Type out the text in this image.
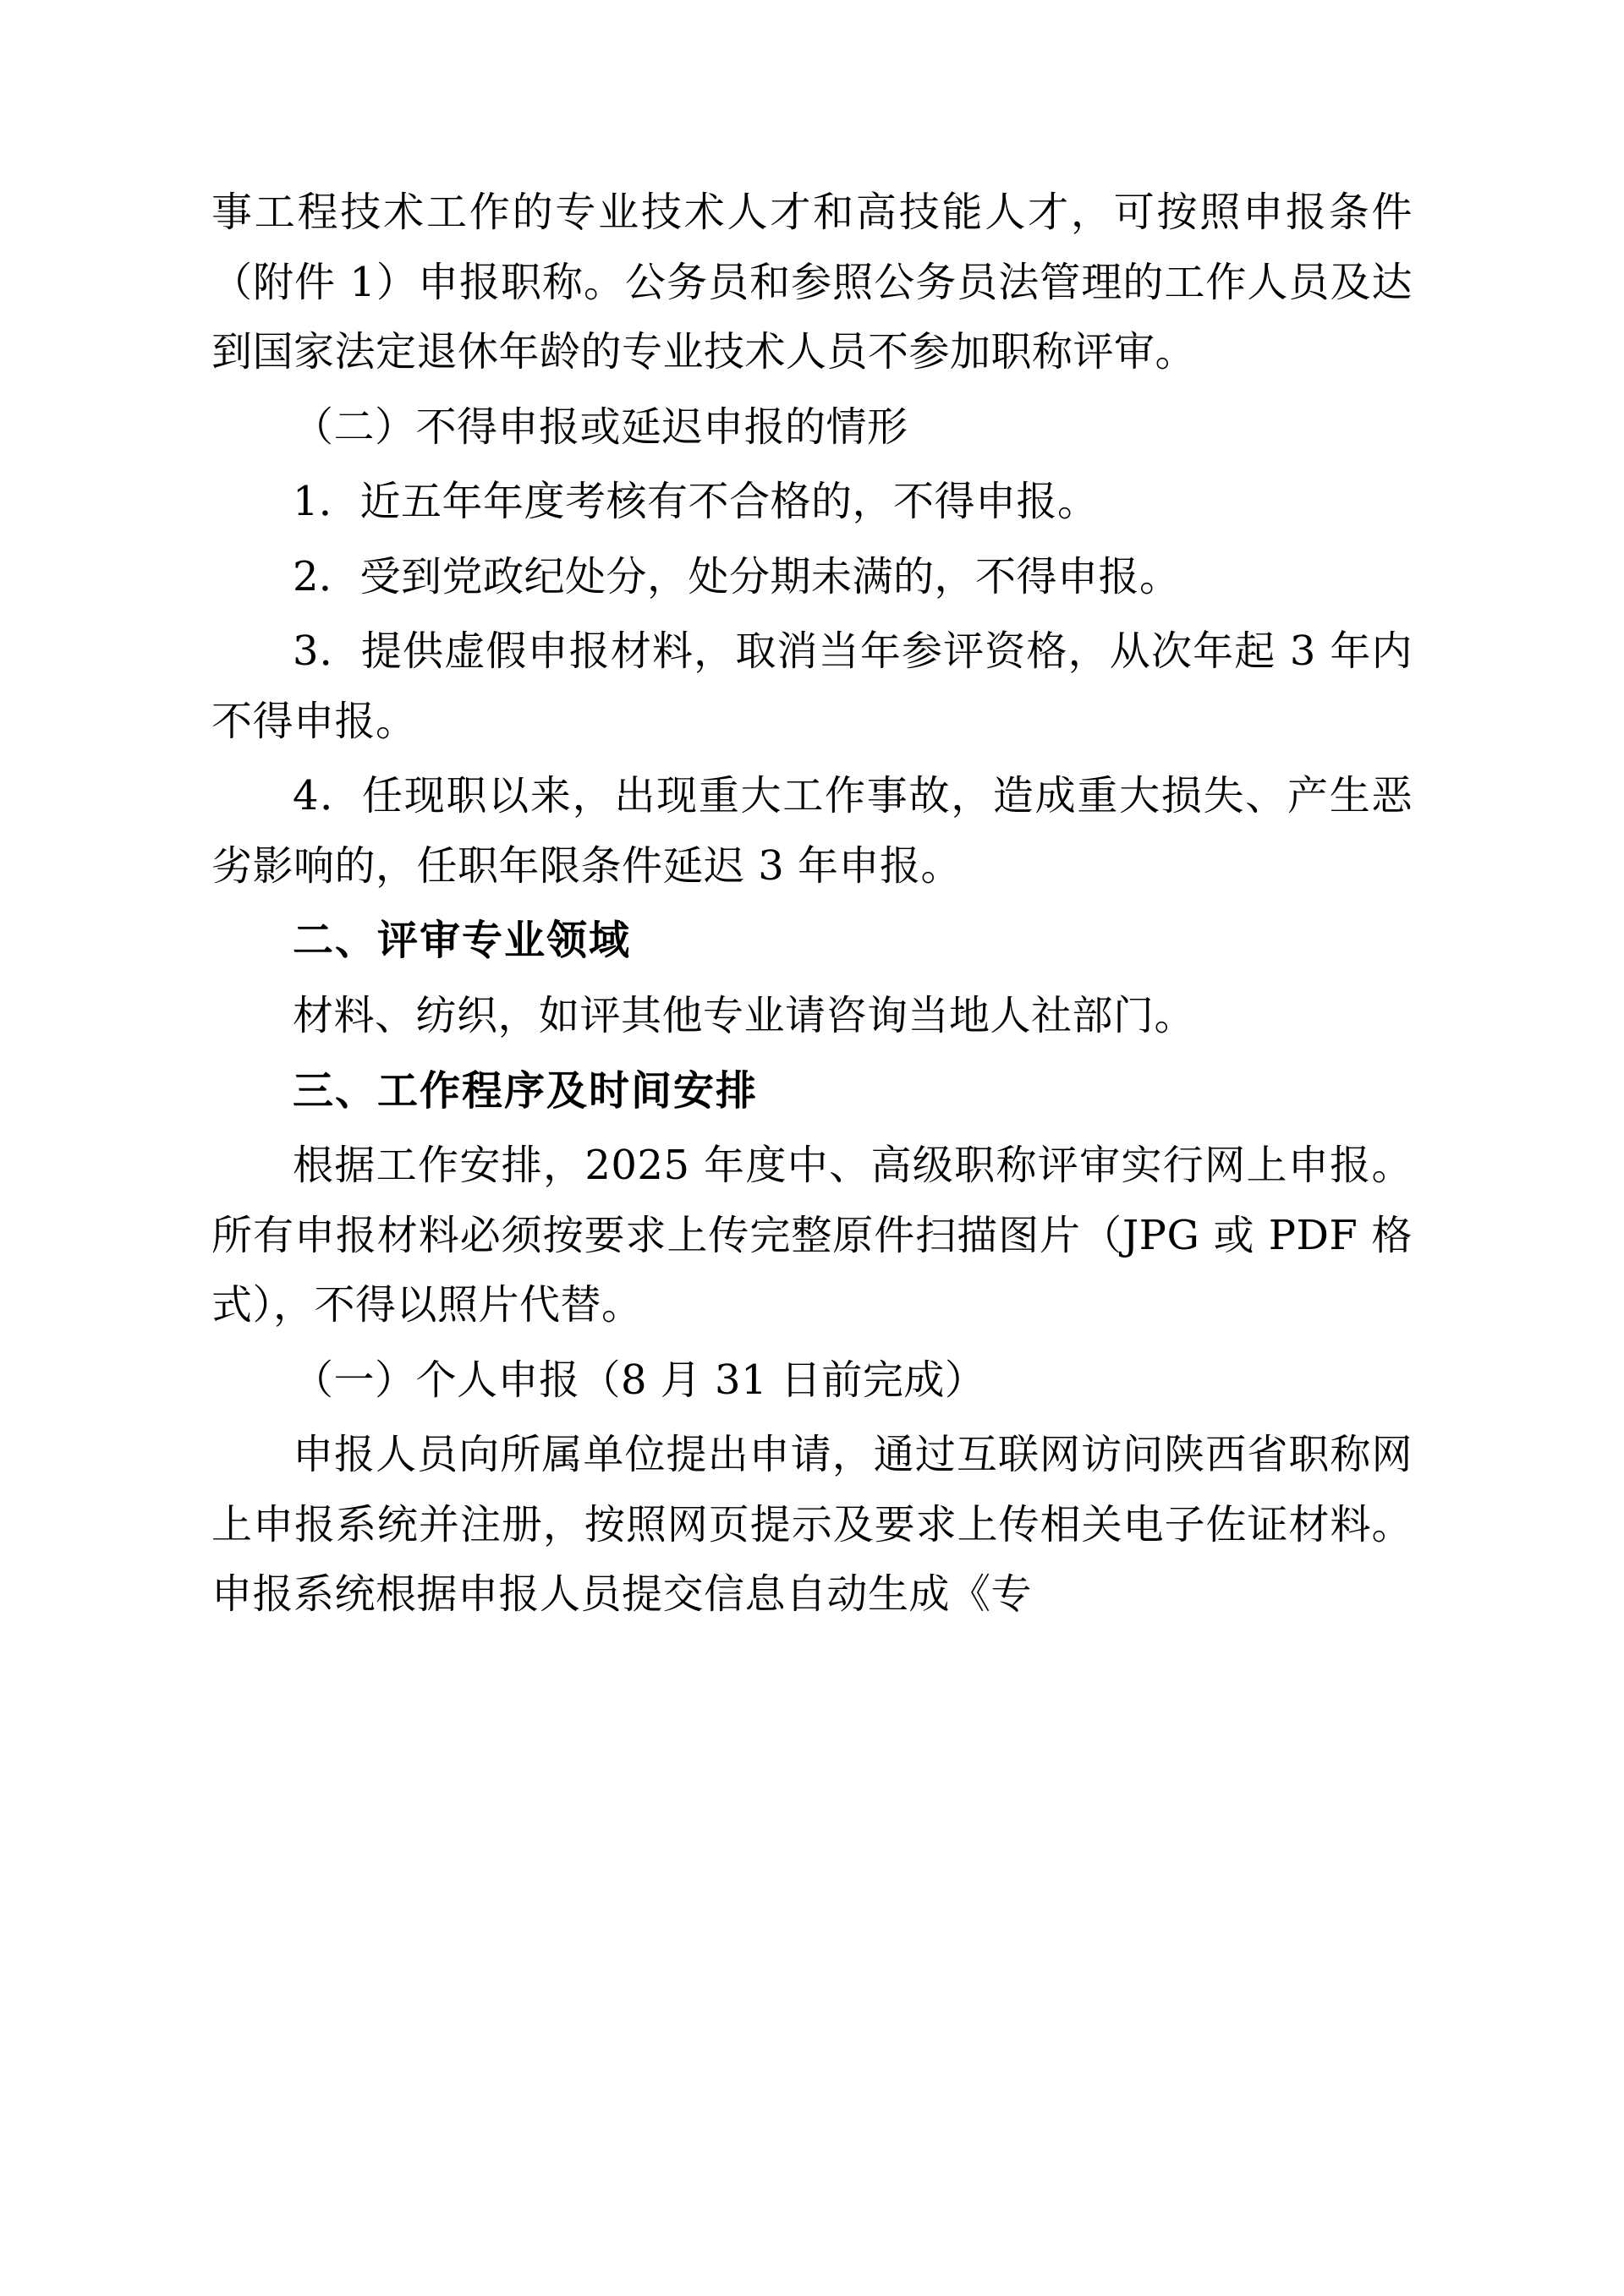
事工程技术工作的专业技术人才和高技能人才，可按照申报条件（附件 1）申报职称。公务员和参照公务员法管理的工作人员及达到国家法定退休年龄的专业技术人员不参加职称评审。

（二）不得申报或延迟申报的情形

1．近五年年度考核有不合格的，不得申报。

2．受到党政纪处分，处分期未满的，不得申报。

3．提供虚假申报材料，取消当年参评资格，从次年起 3 年内不得申报。

4．任现职以来，出现重大工作事故，造成重大损失、产生恶劣影响的，任职年限条件延迟 3 年申报。

二、评审专业领域

材料、纺织，如评其他专业请咨询当地人社部门。

三、工作程序及时间安排

根据工作安排，2025 年度中、高级职称评审实行网上申报。所有申报材料必须按要求上传完整原件扫描图片（JPG 或 PDF 格式），不得以照片代替。

（一）个人申报（8 月 31 日前完成）

申报人员向所属单位提出申请，通过互联网访问陕西省职称网上申报系统并注册，按照网页提示及要求上传相关电子佐证材料。申报系统根据申报人员提交信息自动生成《专
